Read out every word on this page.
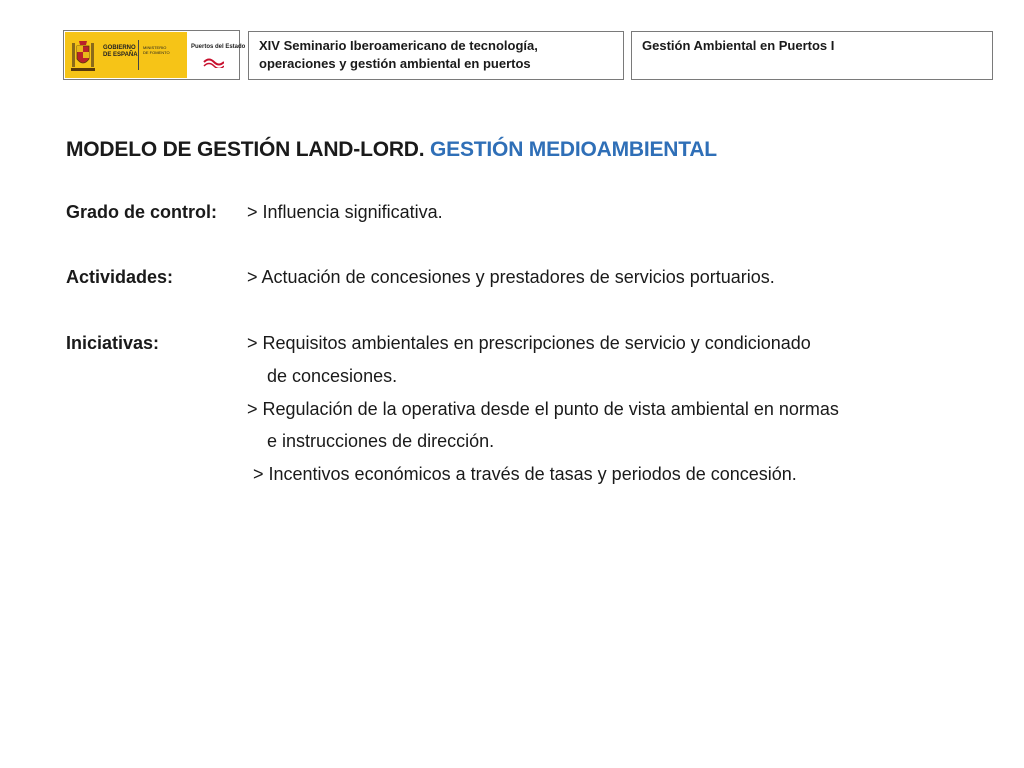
GOBIERNO
DE ESPAÑA
MINISTERIO
DE FOMENTO
Puertos del Estado XIV Seminario Iberoamericano de tecnología,
operaciones y gestión ambiental en puertos
Gestión Ambiental en Puertos I
MODELO DE GESTIÓN LAND-LORD. GESTIÓN MEDIOAMBIENTAL
Grado de control: > Influencia significativa.
Actividades:	> Actuación de concesiones y prestadores de servicios portuarios.
Iniciativas:	> Requisitos ambientales en prescripciones de servicio y condicionado
de concesiones.
> Regulación de la operativa desde el punto de vista ambiental en normas
e instrucciones de dirección.
> Incentivos económicos a través de tasas y periodos de concesión.
